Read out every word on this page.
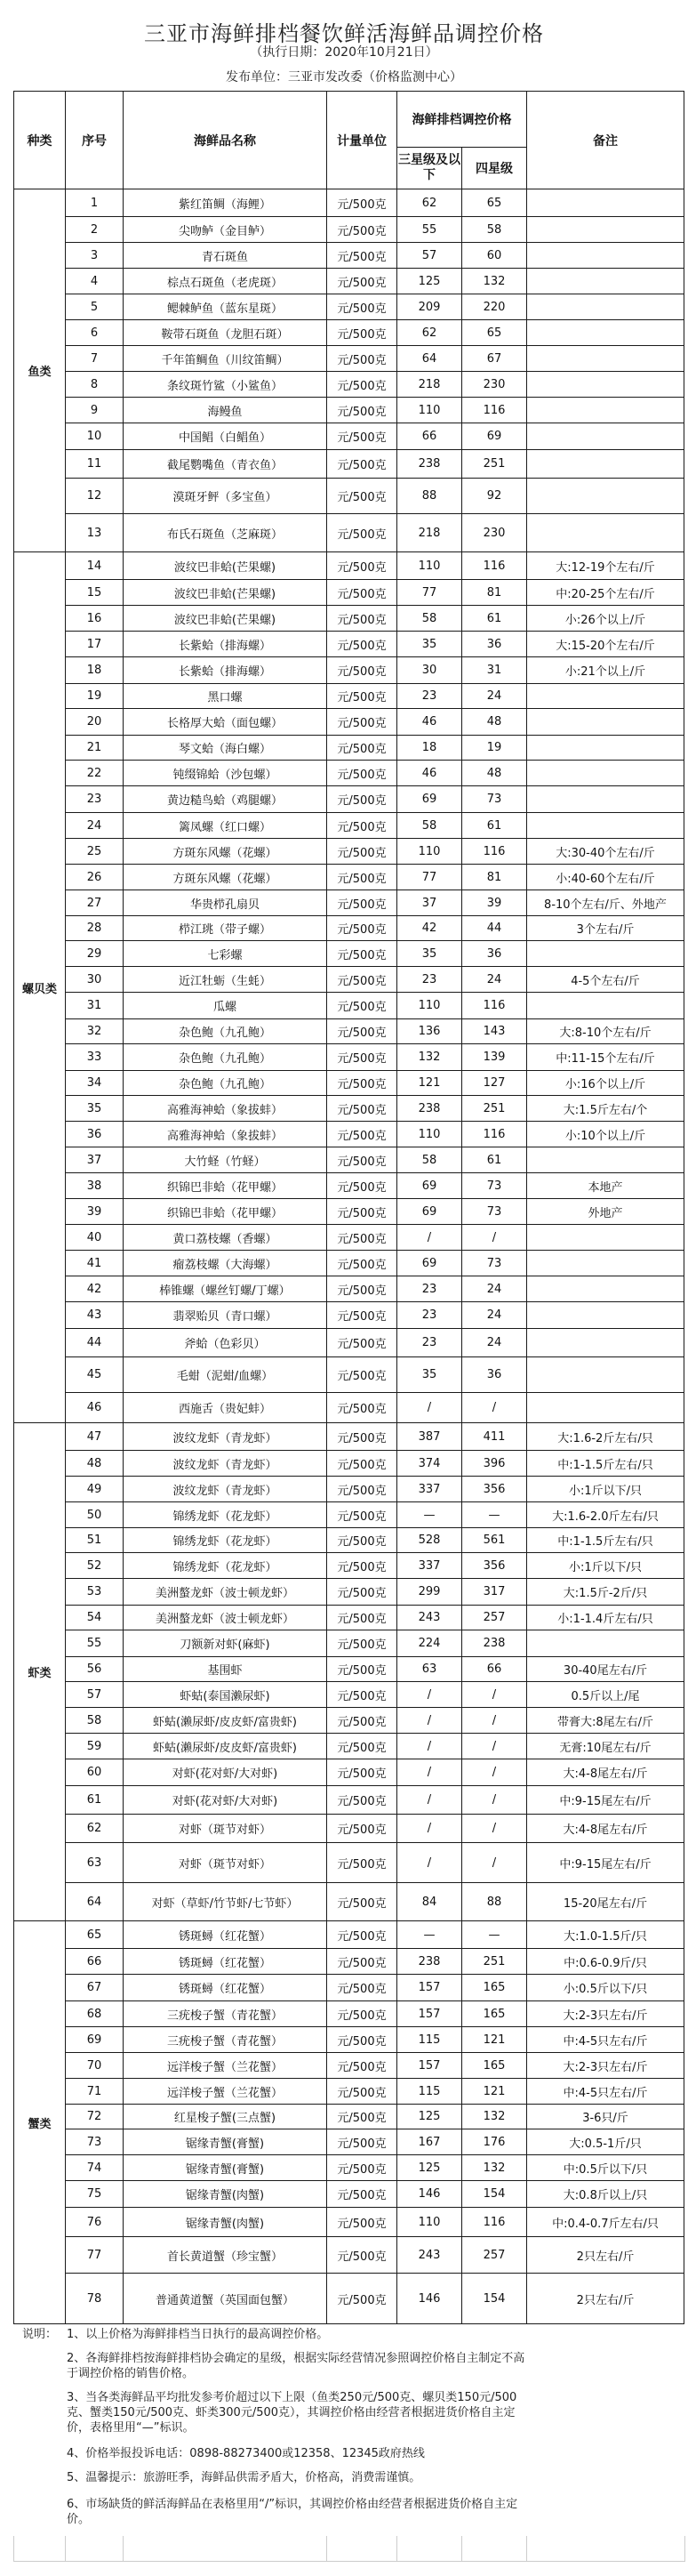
三亚市海鲜排档餐饮鲜活海鲜品调控价格
（执行日期：2020年10月21日）
发布单位：三亚市发改委（价格监测中心）
种类	序号	海鲜品名称	计量单位	海鲜排档调控价格		备注
				三星级及以下	四星级	
鱼类	1	紫红笛鲷（海鲤）	元/500克	62	65	
	2	尖吻鲈（金目鲈）	元/500克	55	58	
	3	青石斑鱼	元/500克	57	60	
	4	棕点石斑鱼（老虎斑）	元/500克	125	132	
	5	鳃棘鲈鱼（蓝东星斑）	元/500克	209	220	
	6	鞍带石斑鱼（龙胆石斑）	元/500克	62	65	
	7	千年笛鲷鱼（川纹笛鲷）	元/500克	64	67	
	8	条纹斑竹鲨（小鲨鱼）	元/500克	218	230	
	9	海鳗鱼	元/500克	110	116	
	10	中国鲳（白鲳鱼）	元/500克	66	69	
	11	截尾鹦嘴鱼（青衣鱼）	元/500克	238	251	
	12	漠斑牙鲆（多宝鱼）	元/500克	88	92	
	13	布氏石斑鱼（芝麻斑）	元/500克	218	230	
螺贝类	14	波纹巴非蛤(芒果螺)	元/500克	110	116	大:12-19个左右/斤
	15	波纹巴非蛤(芒果螺)	元/500克	77	81	中:20-25个左右/斤
	16	波纹巴非蛤(芒果螺)	元/500克	58	61	小:26个以上/斤
	17	长紫蛤（排海螺）	元/500克	35	36	大:15-20个左右/斤
	18	长紫蛤（排海螺）	元/500克	30	31	小:21个以上/斤
	19	黑口螺	元/500克	23	24	
	20	长格厚大蛤（面包螺）	元/500克	46	48	
	21	琴文蛤（海白螺）	元/500克	18	19	
	22	钝缀锦蛤（沙包螺）	元/500克	46	48	
	23	黄边糙鸟蛤（鸡腿螺）	元/500克	69	73	
	24	篱凤螺（红口螺）	元/500克	58	61	
	25	方斑东风螺（花螺）	元/500克	110	116	大:30-40个左右/斤
	26	方斑东风螺（花螺）	元/500克	77	81	小:40-60个左右/斤
	27	华贵栉孔扇贝	元/500克	37	39	8-10个左右/斤、外地产
	28	栉江珧（带子螺）	元/500克	42	44	3个左右/斤
	29	七彩螺	元/500克	35	36	
	30	近江牡蛎（生蚝）	元/500克	23	24	4-5个左右/斤
	31	瓜螺	元/500克	110	116	
	32	杂色鲍（九孔鲍）	元/500克	136	143	大:8-10个左右/斤
	33	杂色鲍（九孔鲍）	元/500克	132	139	中:11-15个左右/斤
	34	杂色鲍（九孔鲍）	元/500克	121	127	小:16个以上/斤
	35	高雅海神蛤（象拔蚌）	元/500克	238	251	大:1.5斤左右/个
	36	高雅海神蛤（象拔蚌）	元/500克	110	116	小:10个以上/斤
	37	大竹蛏（竹蛏）	元/500克	58	61	
	38	织锦巴非蛤（花甲螺）	元/500克	69	73	本地产
	39	织锦巴非蛤（花甲螺）	元/500克	69	73	外地产
	40	黄口荔枝螺（香螺）	元/500克	/	/	
	41	瘤荔枝螺（大海螺）	元/500克	69	73	
	42	棒锥螺（螺丝钉螺/丁螺）	元/500克	23	24	
	43	翡翠贻贝（青口螺）	元/500克	23	24	
	44	斧蛤（色彩贝）	元/500克	23	24	
	45	毛蚶（泥蚶/血螺）	元/500克	35	36	
	46	西施舌（贵妃蚌）	元/500克	/	/	
虾类	47	波纹龙虾（青龙虾）	元/500克	387	411	大:1.6-2斤左右/只
	48	波纹龙虾（青龙虾）	元/500克	374	396	中:1-1.5斤左右/只
	49	波纹龙虾（青龙虾）	元/500克	337	356	小:1斤以下/只
	50	锦绣龙虾（花龙虾）	元/500克	—	—	大:1.6-2.0斤左右/只
	51	锦绣龙虾（花龙虾）	元/500克	528	561	中:1-1.5斤左右/只
	52	锦绣龙虾（花龙虾）	元/500克	337	356	小:1斤以下/只
	53	美洲螯龙虾（波士顿龙虾）	元/500克	299	317	大:1.5斤-2斤/只
	54	美洲螯龙虾（波士顿龙虾）	元/500克	243	257	小:1-1.4斤左右/只
	55	刀额新对虾(麻虾)	元/500克	224	238	
	56	基围虾	元/500克	63	66	30-40尾左右/斤
	57	虾蛄(泰国濑尿虾)	元/500克	/	/	0.5斤以上/尾
	58	虾蛄(濑尿虾/皮皮虾/富贵虾)	元/500克	/	/	带膏大:8尾左右/斤
	59	虾蛄(濑尿虾/皮皮虾/富贵虾)	元/500克	/	/	无膏:10尾左右/斤
	60	对虾(花对虾/大对虾)	元/500克	/	/	大:4-8尾左右/斤
	61	对虾(花对虾/大对虾)	元/500克	/	/	中:9-15尾左右/斤
	62	对虾（斑节对虾）	元/500克	/	/	大:4-8尾左右/斤
	63	对虾（斑节对虾）	元/500克	/	/	中:9-15尾左右/斤
	64	对虾（草虾/竹节虾/七节虾）	元/500克	84	88	15-20尾左右/斤
蟹类	65	锈斑蟳（红花蟹）	元/500克	—	—	大:1.0-1.5斤/只
	66	锈斑蟳（红花蟹）	元/500克	238	251	中:0.6-0.9斤/只
	67	锈斑蟳（红花蟹）	元/500克	157	165	小:0.5斤以下/只
	68	三疣梭子蟹（青花蟹）	元/500克	157	165	大:2-3只左右/斤
	69	三疣梭子蟹（青花蟹）	元/500克	115	121	中:4-5只左右/斤
	70	远洋梭子蟹（兰花蟹）	元/500克	157	165	大:2-3只左右/斤
	71	远洋梭子蟹（兰花蟹）	元/500克	115	121	中:4-5只左右/斤
	72	红星梭子蟹(三点蟹)	元/500克	125	132	3-6只/斤
	73	锯缘青蟹(膏蟹)	元/500克	167	176	大:0.5-1斤/只
	74	锯缘青蟹(膏蟹)	元/500克	125	132	中:0.5斤以下/只
	75	锯缘青蟹(肉蟹)	元/500克	146	154	大:0.8斤以上/只
	76	锯缘青蟹(肉蟹)	元/500克	110	116	中:0.4-0.7斤左右/只
	77	首长黄道蟹（珍宝蟹）	元/500克	243	257	2只左右/斤
	78	普通黄道蟹（英国面包蟹）	元/500克	146	154	2只左右/斤
说明： 1、以上价格为海鲜排档当日执行的最高调控价格。
2、各海鲜排档按海鲜排档协会确定的星级，根据实际经营情况参照调控价格自主制定不高于调控价格的销售价格。
3、当各类海鲜品平均批发参考价超过以下上限（鱼类250元/500克、螺贝类150元/500克、蟹类150元/500克、虾类300元/500克），其调控价格由经营者根据进货价格自主定价，表格里用“—”标识。
4、价格举报投诉电话：0898-88273400或12358、12345政府热线
5、温馨提示：旅游旺季，海鲜品供需矛盾大，价格高，消费需谨慎。
6、市场缺货的鲜活海鲜品在表格里用“/”标识，其调控价格由经营者根据进货价格自主定价。
